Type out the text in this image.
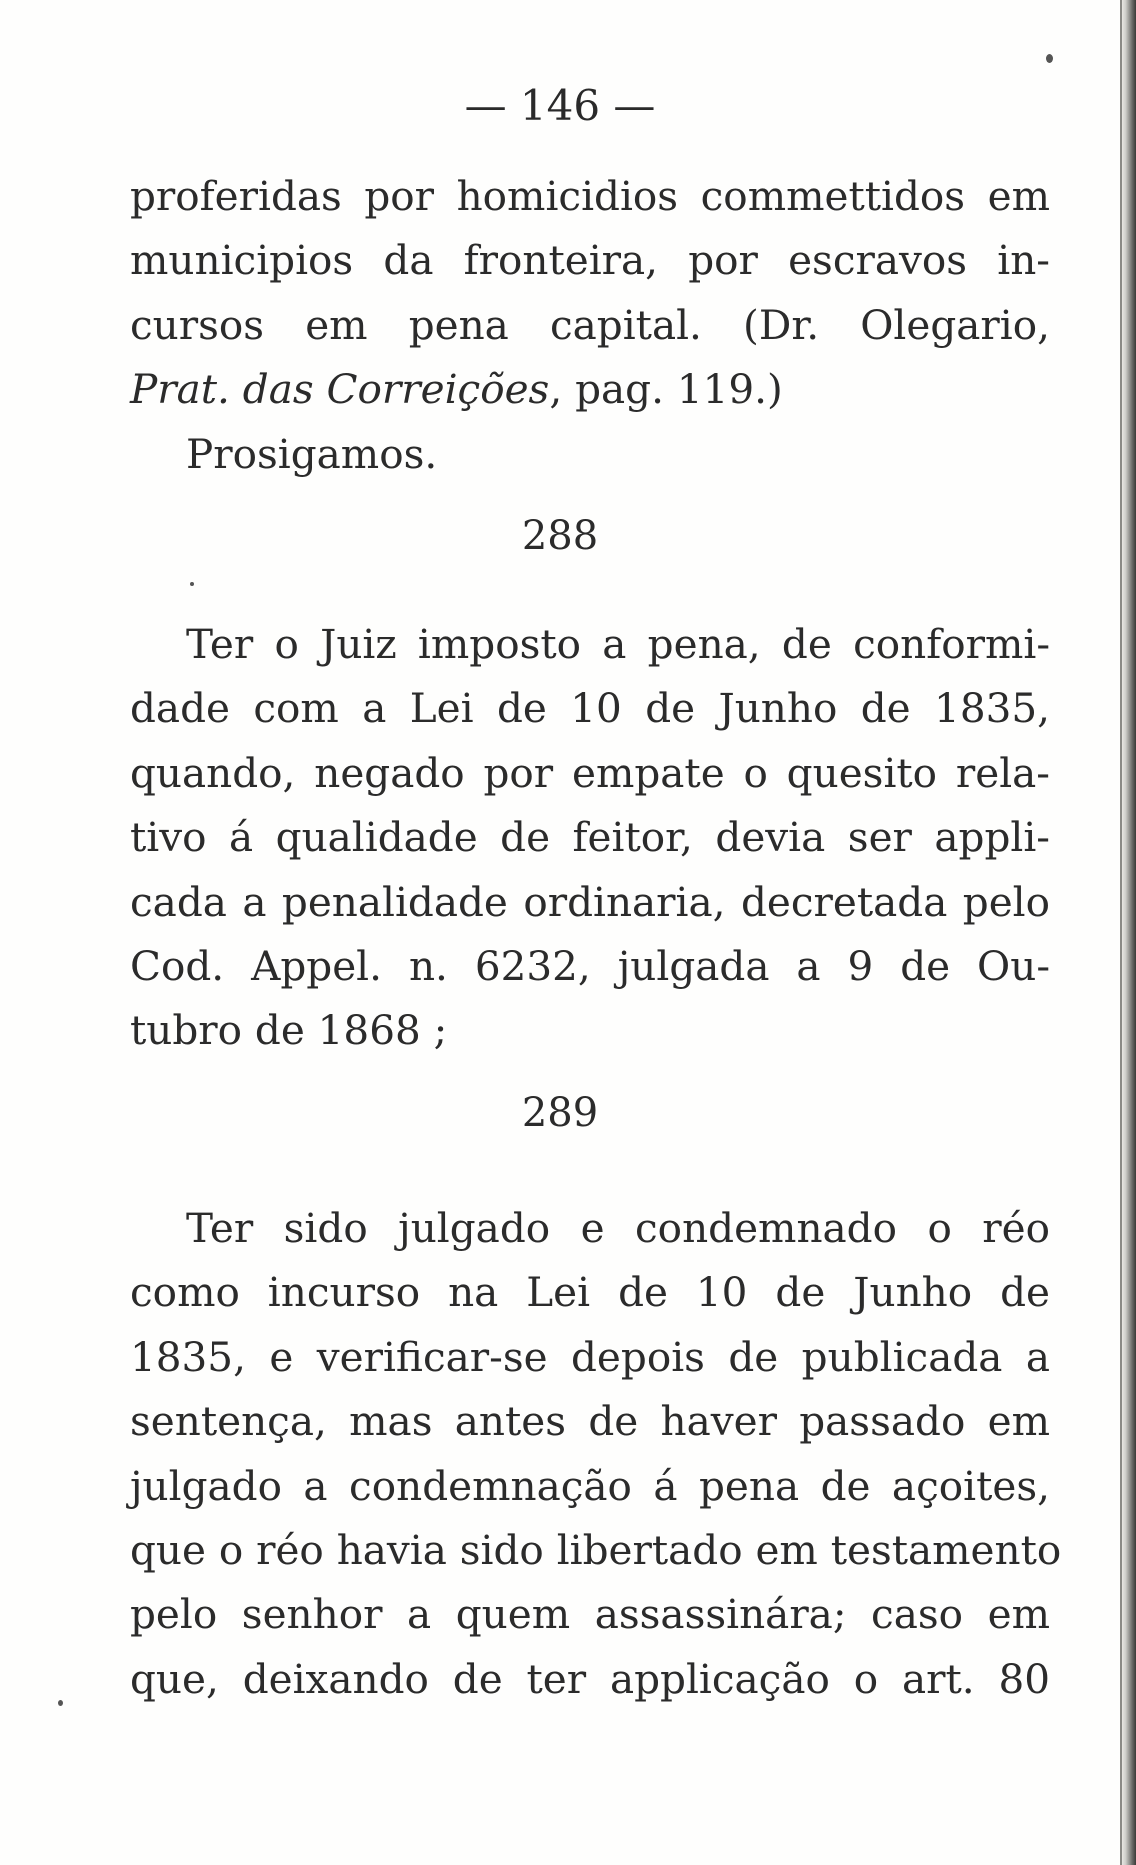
— 146 —
proferidas por homicidios commettidos em
municipios da fronteira, por escravos in-
cursos em pena capital. (Dr. Olegario,
Prat. das Correições, pag. 119.)
Prosigamos.
288
Ter o Juiz imposto a pena, de conformi-
dade com a Lei de 10 de Junho de 1835,
quando, negado por empate o quesito rela-
tivo á qualidade de feitor, devia ser appli-
cada a penalidade ordinaria, decretada pelo
Cod. Appel. n. 6232, julgada a 9 de Ou-
tubro de 1868 ;
289
Ter sido julgado e condemnado o réo
como incurso na Lei de 10 de Junho de
1835, e verificar-se depois de publicada a
sentença, mas antes de haver passado em
julgado a condemnação á pena de açoites,
que o réo havia sido libertado em testamento
pelo senhor a quem assassinára; caso em
que, deixando de ter applicação o art. 80
